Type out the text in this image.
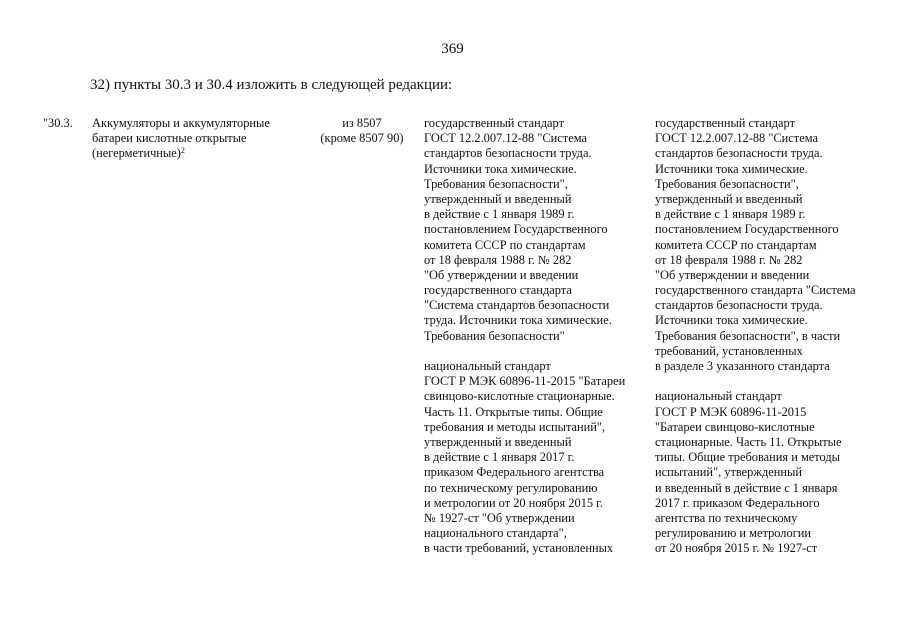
369
32) пункты 30.3 и 30.4 изложить в следующей редакции:
"30.3. Аккумуляторы и аккумуляторные
батареи кислотные открытые
(негерметичные)$^2$
из 8507
(кроме 8507 90)
государственный стандарт
ГОСТ 12.2.007.12-88 "Система
стандартов безопасности труда.
Источники тока химические.
Требования безопасности",
утвержденный и введенный
в действие с 1 января 1989 г.
постановлением Государственного
комитета СССР по стандартам
от 18 февраля 1988 г. № 282
"Об утверждении и введении
государственного стандарта
"Система стандартов безопасности
труда. Источники тока химические.
Требования безопасности"
национальный стандарт
ГОСТ Р МЭК 60896-11-2015 "Батареи
свинцово-кислотные стационарные.
Часть 11. Открытые типы. Общие
требования и методы испытаний",
утвержденный и введенный
в действие с 1 января 2017 г.
приказом Федерального агентства
по техническому регулированию
и метрологии от 20 ноября 2015 г.
№ 1927-ст "Об утверждении
национального стандарта",
в части требований, установленных
государственный стандарт
ГОСТ 12.2.007.12-88 "Система
стандартов безопасности труда.
Источники тока химические.
Требования безопасности",
утвержденный и введенный
в действие с 1 января 1989 г.
постановлением Государственного
комитета СССР по стандартам
от 18 февраля 1988 г. № 282
"Об утверждении и введении
государственного стандарта "Система
стандартов безопасности труда.
Источники тока химические.
Требования безопасности", в части
требований, установленных
в разделе 3 указанного стандарта
национальный стандарт
ГОСТ Р МЭК 60896-11-2015
"Батареи свинцово-кислотные
стационарные. Часть 11. Открытые
типы. Общие требования и методы
испытаний", утвержденный
и введенный в действие с 1 января
2017 г. приказом Федерального
агентства по техническому
регулированию и метрологии
от 20 ноября 2015 г. № 1927-ст
